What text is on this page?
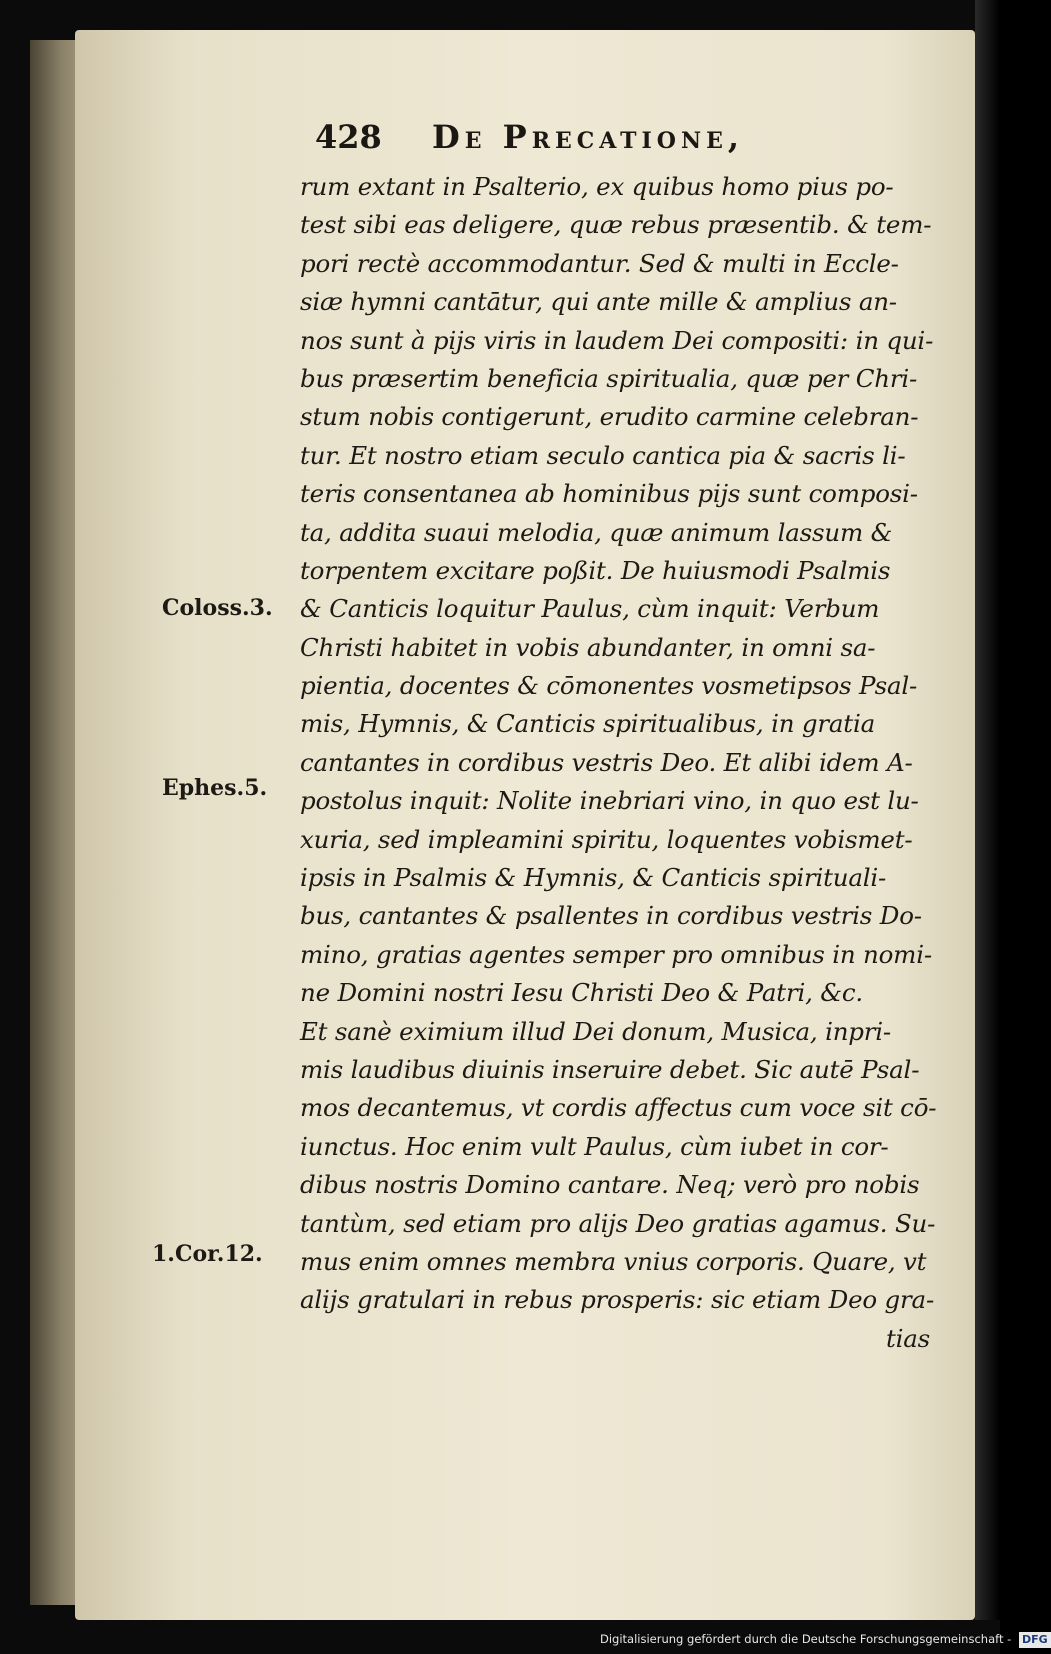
428 De Precatione,
rum extant in Psalterio, ex quibus homo pius po-
test sibi eas deligere, quæ rebus præsentib. & tem-
pori rectè accommodantur. Sed & multi in Eccle-
siæ hymni cantātur, qui ante mille & amplius an-
nos sunt à pijs viris in laudem Dei compositi: in qui-
bus præsertim beneficia spiritualia, quæ per Chri-
stum nobis contigerunt, erudito carmine celebran-
tur. Et nostro etiam seculo cantica pia & sacris li-
teris consentanea ab hominibus pijs sunt composi-
ta, addita suaui melodia, quæ animum lassum &
torpentem excitare poßit. De huiusmodi Psalmis
& Canticis loquitur Paulus, cùm inquit: Verbum
Christi habitet in vobis abundanter, in omni sa-
pientia, docentes & cōmonentes vosmetipsos Psal-
mis, Hymnis, & Canticis spiritualibus, in gratia
cantantes in cordibus vestris Deo. Et alibi idem A-
postolus inquit: Nolite inebriari vino, in quo est lu-
xuria, sed impleamini spiritu, loquentes vobismet-
ipsis in Psalmis & Hymnis, & Canticis spirituali-
bus, cantantes & psallentes in cordibus vestris Do-
mino, gratias agentes semper pro omnibus in nomi-
ne Domini nostri Iesu Christi Deo & Patri, &c.
Et sanè eximium illud Dei donum, Musica, inpri-
mis laudibus diuinis inseruire debet. Sic autē Psal-
mos decantemus, vt cordis affectus cum voce sit cō-
iunctus. Hoc enim vult Paulus, cùm iubet in cor-
dibus nostris Domino cantare. Neq; verò pro nobis
tantùm, sed etiam pro alijs Deo gratias agamus. Su-
mus enim omnes membra vnius corporis. Quare, vt
alijs gratulari in rebus prosperis: sic etiam Deo gra-
tias
Coloss.3.
Ephes.5.
1.Cor.12.
Digitalisierung gefördert durch die Deutsche Forschungsgemeinschaft - DFG
